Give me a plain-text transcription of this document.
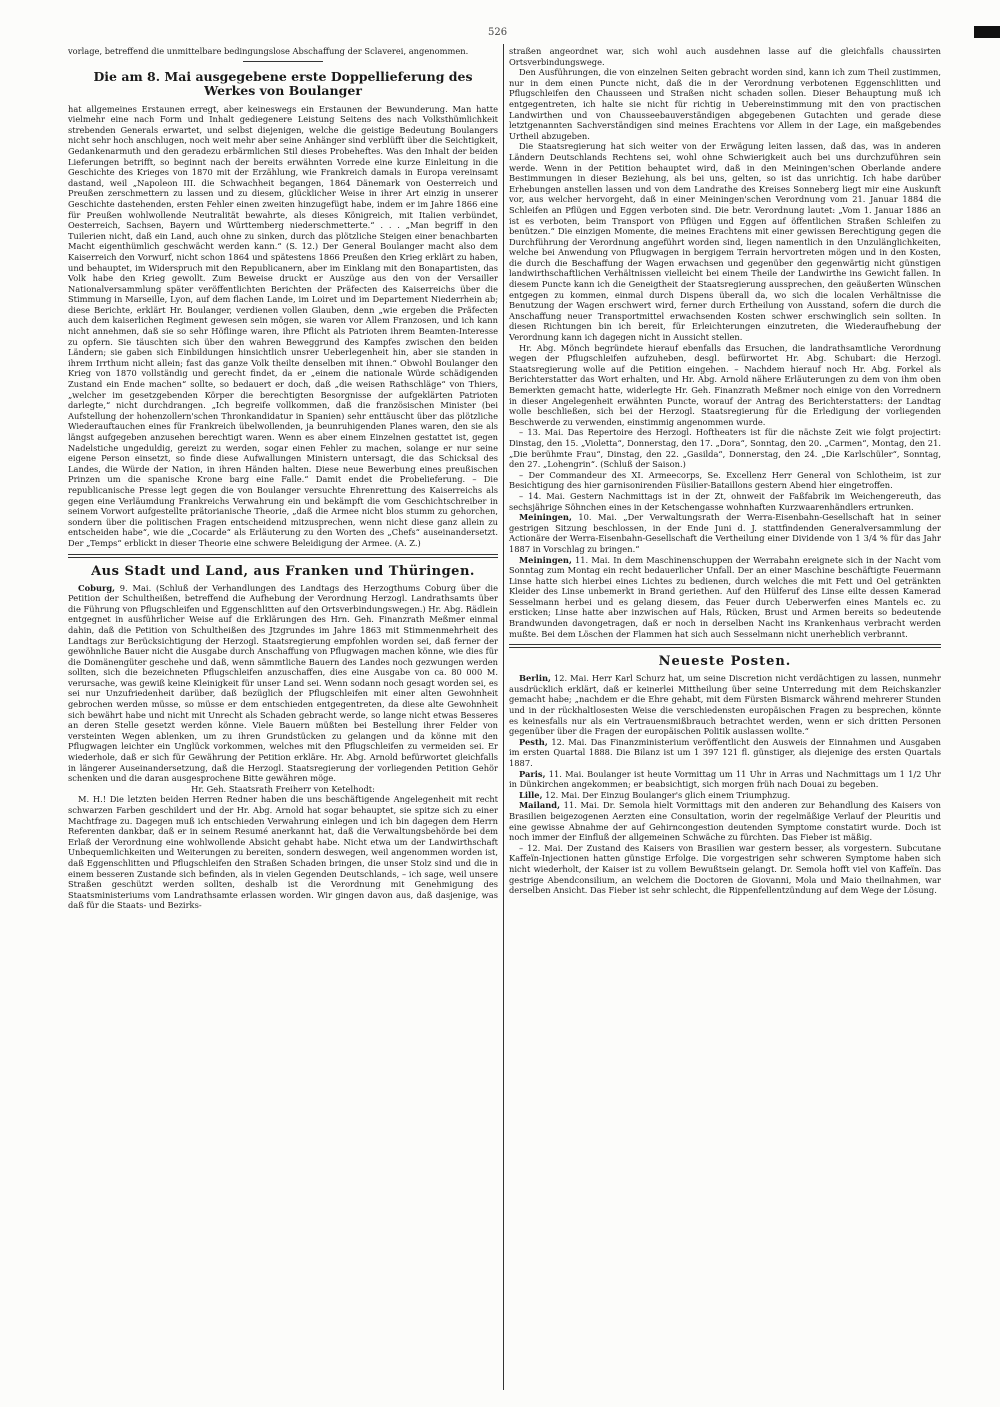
526

vorlage, betreffend die unmittelbare bedingungslose Abschaffung der Sclaverei, angenommen.

Die am 8. Mai ausgegebene erste Doppellieferung des Werkes von Boulanger

hat allgemeines Erstaunen erregt, aber keineswegs ein Erstaunen der Bewunderung. Man hatte vielmehr eine nach Form und Inhalt gediegenere Leistung Seitens des nach Volksthümlichkeit strebenden Generals erwartet, und selbst diejenigen, welche die geistige Bedeutung Boulangers nicht sehr hoch anschlugen, noch weit mehr aber seine Anhänger sind verblüfft über die Seichtigkeit, Gedankenarmuth und den geradezu erbärmlichen Stil dieses Probeheftes. Was den Inhalt der beiden Lieferungen betrifft, so beginnt nach der bereits erwähnten Vorrede eine kurze Einleitung in die Geschichte des Krieges von 1870 mit der Erzählung, wie Frankreich damals in Europa vereinsamt dastand, weil „Napoleon III. die Schwachheit begangen, 1864 Dänemark von Oesterreich und Preußen zerschmettern zu lassen und zu diesem, glücklicher Weise in ihrer Art einzig in unserer Geschichte dastehenden, ersten Fehler einen zweiten hinzugefügt habe, indem er im Jahre 1866 eine für Preußen wohlwollende Neutralität bewahrte, als dieses Königreich, mit Italien verbündet, Oesterreich, Sachsen, Bayern und Württemberg niederschmetterte.“ . . . „Man begriff in den Tuilerien nicht, daß ein Land, auch ohne zu sinken, durch das plötzliche Steigen einer benachbarten Macht eigenthümlich geschwächt werden kann.“ (S. 12.) Der General Boulanger macht also dem Kaiserreich den Vorwurf, nicht schon 1864 und spätestens 1866 Preußen den Krieg erklärt zu haben, und behauptet, im Widerspruch mit den Republicanern, aber im Einklang mit den Bonapartisten, das Volk habe den Krieg gewollt. Zum Beweise druckt er Auszüge aus den von der Versailler Nationalversammlung später veröffentlichten Berichten der Präfecten des Kaiserreichs über die Stimmung in Marseille, Lyon, auf dem flachen Lande, im Loiret und im Departement Niederrhein ab; diese Berichte, erklärt Hr. Boulanger, verdienen vollen Glauben, denn „wie ergeben die Präfecten auch dem kaiserlichen Regiment gewesen sein mögen, sie waren vor Allem Franzosen, und ich kann nicht annehmen, daß sie so sehr Höflinge waren, ihre Pflicht als Patrioten ihrem Beamten-Interesse zu opfern. Sie täuschten sich über den wahren Beweggrund des Kampfes zwischen den beiden Ländern; sie gaben sich Einbildungen hinsichtlich unsrer Ueberlegenheit hin, aber sie standen in ihrem Irrthum nicht allein; fast das ganze Volk theilte denselben mit ihnen.“ Obwohl Boulanger den Krieg von 1870 vollständig und gerecht findet, da er „einem die nationale Würde schädigenden Zustand ein Ende machen“ sollte, so bedauert er doch, daß „die weisen Rathschläge“ von Thiers, „welcher im gesetzgebenden Körper die berechtigten Besorgnisse der aufgeklärten Patrioten darlegte,“ nicht durchdrangen. „Ich begreife vollkommen, daß die französischen Minister (bei Aufstellung der hohenzollern'schen Thronkandidatur in Spanien) sehr enttäuscht über das plötzliche Wiederauftauchen eines für Frankreich übelwollenden, ja beunruhigenden Planes waren, den sie als längst aufgegeben anzusehen berechtigt waren. Wenn es aber einem Einzelnen gestattet ist, gegen Nadelstiche ungeduldig, gereizt zu werden, sogar einen Fehler zu machen, solange er nur seine eigene Person einsetzt, so finde diese Aufwallungen Ministern untersagt, die das Schicksal des Landes, die Würde der Nation, in ihren Händen halten. Diese neue Bewerbung eines preußischen Prinzen um die spanische Krone barg eine Falle.“ Damit endet die Probelieferung. – Die republicanische Presse legt gegen die von Boulanger versuchte Ehrenrettung des Kaiserreichs als gegen eine Verläumdung Frankreichs Verwahrung ein und bekämpft die vom Geschichtschreiber in seinem Vorwort aufgestellte prätorianische Theorie, „daß die Armee nicht blos stumm zu gehorchen, sondern über die politischen Fragen entscheidend mitzusprechen, wenn nicht diese ganz allein zu entscheiden habe“, wie die „Cocarde“ als Erläuterung zu den Worten des „Chefs“ auseinandersetzt. Der „Temps“ erblickt in dieser Theorie eine schwere Beleidigung der Armee. (A. Z.)

Aus Stadt und Land, aus Franken und Thüringen.

Coburg, 9. Mai. (Schluß der Verhandlungen des Landtags des Herzogthums Coburg über die Petition der Schultheißen, betreffend die Aufhebung der Verordnung Herzogl. Landrathsamts über die Führung von Pflugschleifen und Eggenschlitten auf den Ortsverbindungswegen.) Hr. Abg. Rädlein entgegnet in ausführlicher Weise auf die Erklärungen des Hrn. Geh. Finanzrath Meßmer einmal dahin, daß die Petition von Schultheißen des Jtzgrundes im Jahre 1863 mit Stimmenmehrheit des Landtags zur Berücksichtigung der Herzogl. Staatsregierung empfohlen worden sei, daß ferner der gewöhnliche Bauer nicht die Ausgabe durch Anschaffung von Pflugwagen machen könne, wie dies für die Domänengüter geschehe und daß, wenn sämmtliche Bauern des Landes noch gezwungen werden sollten, sich die bezeichneten Pflugschleifen anzuschaffen, dies eine Ausgabe von ca. 80 000 M. verursache, was gewiß keine Kleinigkeit für unser Land sei. Wenn sodann noch gesagt worden sei, es sei nur Unzufriedenheit darüber, daß bezüglich der Pflugschleifen mit einer alten Gewohnheit gebrochen werden müsse, so müsse er dem entschieden entgegentreten, da diese alte Gewohnheit sich bewährt habe und nicht mit Unrecht als Schaden gebracht werde, so lange nicht etwas Besseres an deren Stelle gesetzt werden könne. Viele Bauern müßten bei Bestellung ihrer Felder von versteinten Wegen ablenken, um zu ihren Grundstücken zu gelangen und da könne mit den Pflugwagen leichter ein Unglück vorkommen, welches mit den Pflugschleifen zu vermeiden sei. Er wiederhole, daß er sich für Gewährung der Petition erkläre. Hr. Abg. Arnold befürwortet gleichfalls in längerer Auseinandersetzung, daß die Herzogl. Staatsregierung der vorliegenden Petition Gehör schenken und die daran ausgesprochene Bitte gewähren möge.

Hr. Geh. Staatsrath Freiherr von Ketelhodt:

M. H.! Die letzten beiden Herren Redner haben die uns beschäftigende Angelegenheit mit recht schwarzen Farben geschildert und der Hr. Abg. Arnold hat sogar behauptet, sie spitze sich zu einer Machtfrage zu. Dagegen muß ich entschieden Verwahrung einlegen und ich bin dagegen dem Herrn Referenten dankbar, daß er in seinem Resumé anerkannt hat, daß die Verwaltungsbehörde bei dem Erlaß der Verordnung eine wohlwollende Absicht gehabt habe. Nicht etwa um der Landwirthschaft Unbequemlichkeiten und Weiterungen zu bereiten, sondern deswegen, weil angenommen worden ist, daß Eggenschlitten und Pflugschleifen den Straßen Schaden bringen, die unser Stolz sind und die in einem besseren Zustande sich befinden, als in vielen Gegenden Deutschlands, – ich sage, weil unsere Straßen geschützt werden sollten, deshalb ist die Verordnung mit Genehmigung des Staatsministeriums vom Landrathsamte erlassen worden. Wir gingen davon aus, daß dasjenige, was daß für die Staats- und Bezirks-

straßen angeordnet war, sich wohl auch ausdehnen lasse auf die gleichfalls chaussirten Ortsverbindungswege.

Den Ausführungen, die von einzelnen Seiten gebracht worden sind, kann ich zum Theil zustimmen, nur in dem einen Puncte nicht, daß die in der Verordnung verbotenen Eggenschlitten und Pflugschleifen den Chausseen und Straßen nicht schaden sollen. Dieser Behauptung muß ich entgegentreten, ich halte sie nicht für richtig in Uebereinstimmung mit den von practischen Landwirthen und von Chausseebauverständigen abgegebenen Gutachten und gerade diese letztgenannten Sachverständigen sind meines Erachtens vor Allem in der Lage, ein maßgebendes Urtheil abzugeben.

Die Staatsregierung hat sich weiter von der Erwägung leiten lassen, daß das, was in anderen Ländern Deutschlands Rechtens sei, wohl ohne Schwierigkeit auch bei uns durchzuführen sein werde. Wenn in der Petition behauptet wird, daß in den Meiningen'schen Oberlande andere Bestimmungen in dieser Beziehung, als bei uns, gelten, so ist das unrichtig. Ich habe darüber Erhebungen anstellen lassen und von dem Landrathe des Kreises Sonneberg liegt mir eine Auskunft vor, aus welcher hervorgeht, daß in einer Meiningen'schen Verordnung vom 21. Januar 1884 die Schleifen an Pflügen und Eggen verboten sind. Die betr. Verordnung lautet: „Vom 1. Januar 1886 an ist es verboten, beim Transport von Pflügen und Eggen auf öffentlichen Straßen Schleifen zu benützen.“ Die einzigen Momente, die meines Erachtens mit einer gewissen Berechtigung gegen die Durchführung der Verordnung angeführt worden sind, liegen namentlich in den Unzulänglichkeiten, welche bei Anwendung von Pflugwagen in bergigem Terrain hervortreten mögen und in den Kosten, die durch die Beschaffung der Wagen erwachsen und gegenüber den gegenwärtig nicht günstigen landwirthschaftlichen Verhältnissen vielleicht bei einem Theile der Landwirthe ins Gewicht fallen. In diesem Puncte kann ich die Geneigtheit der Staatsregierung aussprechen, den geäußerten Wünschen entgegen zu kommen, einmal durch Dispens überall da, wo sich die localen Verhältnisse die Benutzung der Wagen erschwert wird, ferner durch Ertheilung von Ausstand, sofern die durch die Anschaffung neuer Transportmittel erwachsenden Kosten schwer erschwinglich sein sollten. In diesen Richtungen bin ich bereit, für Erleichterungen einzutreten, die Wiederaufhebung der Verordnung kann ich dagegen nicht in Aussicht stellen.

Hr. Abg. Mönch begründete hierauf ebenfalls das Ersuchen, die landrathsamtliche Verordnung wegen der Pflugschleifen aufzuheben, desgl. befürwortet Hr. Abg. Schubart: die Herzogl. Staatsregierung wolle auf die Petition eingehen. – Nachdem hierauf noch Hr. Abg. Forkel als Berichterstatter das Wort erhalten, und Hr. Abg. Arnold nähere Erläuterungen zu dem von ihm oben Bemerkten gemacht hatte, widerlegte Hr. Geh. Finanzrath Meßmer noch einige von den Vorrednern in dieser Angelegenheit erwähnten Puncte, worauf der Antrag des Berichterstatters: der Landtag wolle beschließen, sich bei der Herzogl. Staatsregierung für die Erledigung der vorliegenden Beschwerde zu verwenden, einstimmig angenommen wurde.

– 13. Mai. Das Repertoire des Herzogl. Hoftheaters ist für die nächste Zeit wie folgt projectirt: Dinstag, den 15. „Violetta“, Donnerstag, den 17. „Dora“, Sonntag, den 20. „Carmen“, Montag, den 21. „Die berühmte Frau“, Dinstag, den 22. „Gasilda“, Donnerstag, den 24. „Die Karlschüler“, Sonntag, den 27. „Lohengrin“. (Schluß der Saison.)

– Der Commandeur des XI. Armeecorps, Se. Excellenz Herr General von Schlotheim, ist zur Besichtigung des hier garnisonirenden Füsilier-Bataillons gestern Abend hier eingetroffen.

– 14. Mai. Gestern Nachmittags ist in der Zt, ohnweit der Faßfabrik im Weichengereuth, das sechsjährige Söhnchen eines in der Ketschengasse wohnhaften Kurzwaarenhändlers ertrunken.

Meiningen, 10. Mai. „Der Verwaltungsrath der Werra-Eisenbahn-Gesellschaft hat in seiner gestrigen Sitzung beschlossen, in der Ende Juni d. J. stattfindenden Generalversammlung der Actionäre der Werra-Eisenbahn-Gesellschaft die Vertheilung einer Dividende von 1 3/4 % für das Jahr 1887 in Vorschlag zu bringen.“

Meiningen, 11. Mai. In dem Maschinenschuppen der Werrabahn ereignete sich in der Nacht vom Sonntag zum Montag ein recht bedauerlicher Unfall. Der an einer Maschine beschäftigte Feuermann Linse hatte sich hierbei eines Lichtes zu bedienen, durch welches die mit Fett und Oel getränkten Kleider des Linse unbemerkt in Brand geriethen. Auf den Hülferuf des Linse eilte dessen Kamerad Sesselmann herbei und es gelang diesem, das Feuer durch Ueberwerfen eines Mantels ec. zu ersticken; Linse hatte aber inzwischen auf Hals, Rücken, Brust und Armen bereits so bedeutende Brandwunden davongetragen, daß er noch in derselben Nacht ins Krankenhaus verbracht werden mußte. Bei dem Löschen der Flammen hat sich auch Sesselmann nicht unerheblich verbrannt.

Neueste Posten.

Berlin, 12. Mai. Herr Karl Schurz hat, um seine Discretion nicht verdächtigen zu lassen, nunmehr ausdrücklich erklärt, daß er keinerlei Mittheilung über seine Unterredung mit dem Reichskanzler gemacht habe; „nachdem er die Ehre gehabt, mit dem Fürsten Bismarck während mehrerer Stunden und in der rückhaltlosesten Weise die verschiedensten europäischen Fragen zu besprechen, könnte es keinesfalls nur als ein Vertrauensmißbrauch betrachtet werden, wenn er sich dritten Personen gegenüber über die Fragen der europäischen Politik auslassen wollte.“

Pesth, 12. Mai. Das Finanzministerium veröffentlicht den Ausweis der Einnahmen und Ausgaben im ersten Quartal 1888. Die Bilanz ist um 1 397 121 fl. günstiger, als diejenige des ersten Quartals 1887.

Paris, 11. Mai. Boulanger ist heute Vormittag um 11 Uhr in Arras und Nachmittags um 1 1/2 Uhr in Dünkirchen angekommen; er beabsichtigt, sich morgen früh nach Douai zu begeben.

Lille, 12. Mai. Der Einzug Boulanger's glich einem Triumphzug.

Mailand, 11. Mai. Dr. Semola hielt Vormittags mit den anderen zur Behandlung des Kaisers von Brasilien beigezogenen Aerzten eine Consultation, worin der regelmäßige Verlauf der Pleuritis und eine gewisse Abnahme der auf Gehirncongestion deutenden Symptome constatirt wurde. Doch ist noch immer der Einfluß der allgemeinen Schwäche zu fürchten. Das Fieber ist mäßig.

– 12. Mai. Der Zustand des Kaisers von Brasilien war gestern besser, als vorgestern. Subcutane Kaffeïn-Injectionen hatten günstige Erfolge. Die vorgestrigen sehr schweren Symptome haben sich nicht wiederholt, der Kaiser ist zu vollem Bewußtsein gelangt. Dr. Semola hofft viel von Kaffeïn. Das gestrige Abendconsilium, an welchem die Doctoren de Giovanni, Mola und Maio theilnahmen, war derselben Ansicht. Das Fieber ist sehr schlecht, die Rippenfellentzündung auf dem Wege der Lösung.
